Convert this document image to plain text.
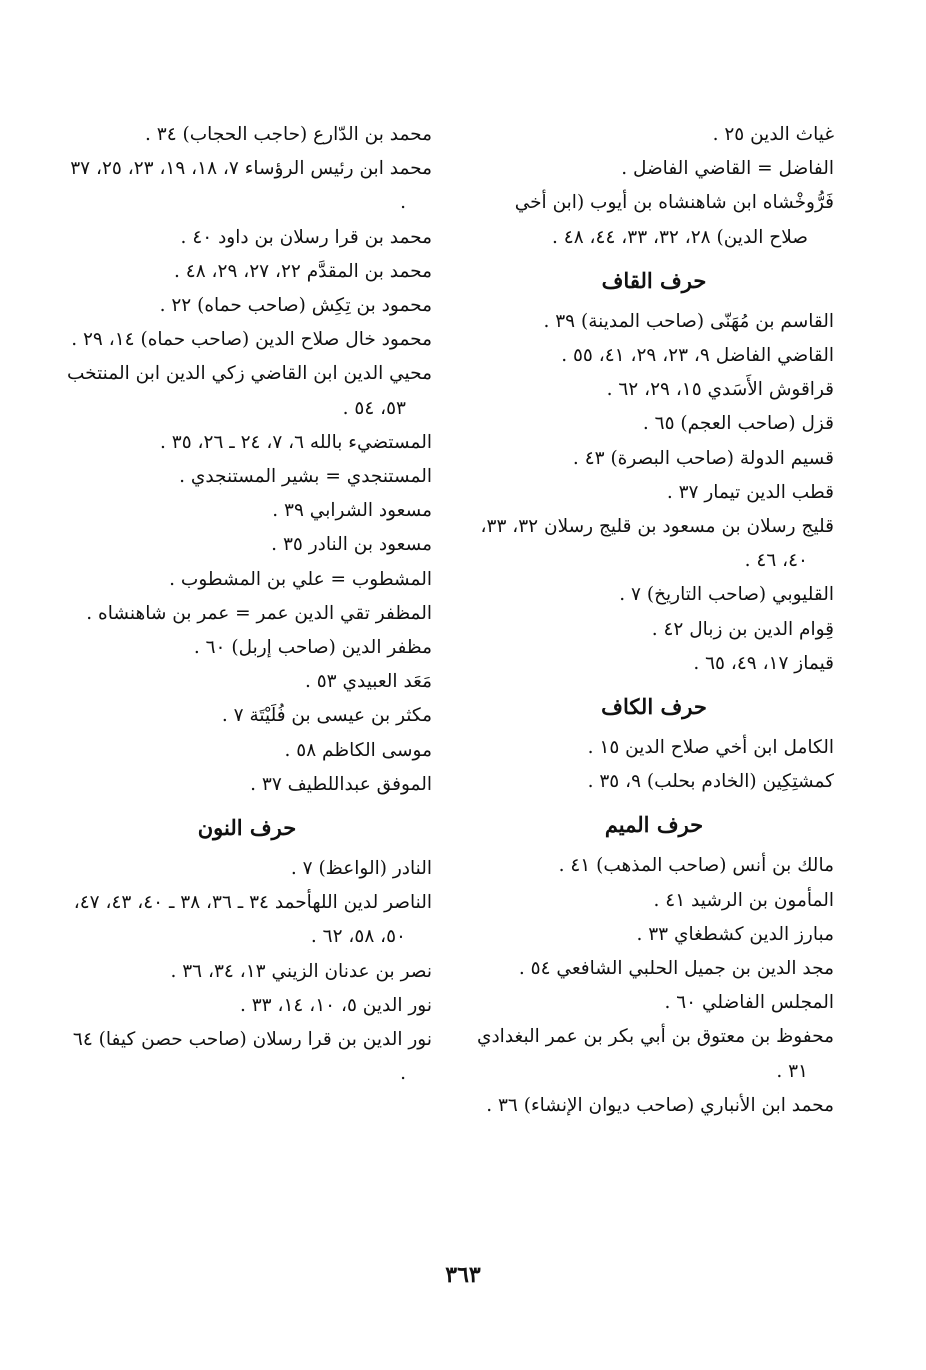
غياث الدين ٢٥ .

الفاضل = القاضي الفاضل .

فَرُّوخْشاه ابن شاهنشاه بن أيوب (ابن أخي صلاح الدين) ٢٨، ٣٢، ٣٣، ٤٤، ٤٨ .

حرف القاف

القاسم بن مُهَنّى (صاحب المدينة) ٣٩ .

القاضي الفاضل ٩، ٢٣، ٢٩، ٤١، ٥٥ .

قراقوش الأَسَدي ١٥، ٢٩، ٦٢ .

قزل (صاحب العجم) ٦٥ .

قسيم الدولة (صاحب البصرة) ٤٣ .

قطب الدين تيمار ٣٧ .

قليج رسلان بن مسعود بن قليج رسلان ٣٢، ٣٣، ٤٠، ٤٦ .

القليوبي (صاحب التاريخ) ٧ .

قِوام الدين بن زبال ٤٢ .

قيماز ١٧، ٤٩، ٦٥ .

حرف الكاف

الكامل ابن أخي صلاح الدين ١٥ .

كمشتِكِين (الخادم بحلب) ٩، ٣٥ .

حرف الميم

مالك بن أنس (صاحب المذهب) ٤١ .

المأمون بن الرشيد ٤١ .

مبارز الدين كشطغاي ٣٣ .

مجد الدين بن جميل الحلبي الشافعي ٥٤ .

المجلس الفاضلي ٦٠ .

محفوظ بن معتوق بن أبي بكر بن عمر البغدادي ٣١ .

محمد ابن الأنباري (صاحب ديوان الإنشاء) ٣٦ .

محمد بن الدّارع (حاجب الحجاب) ٣٤ .

محمد ابن رئيس الرؤساء ٧، ١٨، ١٩، ٢٣، ٢٥، ٣٧ .

محمد بن قرا رسلان بن داود ٤٠ .

محمد بن المقدَّم ٢٢، ٢٧، ٢٩، ٤٨ .

محمود بن تِكِش (صاحب حماه) ٢٢ .

محمود خال صلاح الدين (صاحب حماه) ١٤، ٢٩ .

محيي الدين ابن القاضي زكي الدين ابن المنتخب ٥٣، ٥٤ .

المستضيء بالله ٦، ٧، ٢٤ ـ ٢٦، ٣٥ .

المستنجدي = بشير المستنجدي .

مسعود الشرابي ٣٩ .

مسعود بن النادر ٣٥ .

المشطوب = علي بن المشطوب .

المظفر تقي الدين عمر = عمر بن شاهنشاه .

مظفر الدين (صاحب إربل) ٦٠ .

مَعَد العبيدي ٥٣ .

مكثر بن عيسى بن فُلَيْتَة ٧ .

موسى الكاظم ٥٨ .

الموفق عبداللطيف ٣٧ .

حرف النون

النادر (الواعظ) ٧ .

الناصر لدين اللهأحمد ٣٤ ـ ٣٦، ٣٨ ـ ٤٠، ٤٣، ٤٧، ٥٠، ٥٨، ٦٢ .

نصر بن عدنان الزيني ١٣، ٣٤، ٣٦ .

نور الدين ٥، ١٠، ١٤، ٣٣ .

نور الدين بن قرا رسلان (صاحب حصن كيفا) ٦٤ .

٣٦٣
